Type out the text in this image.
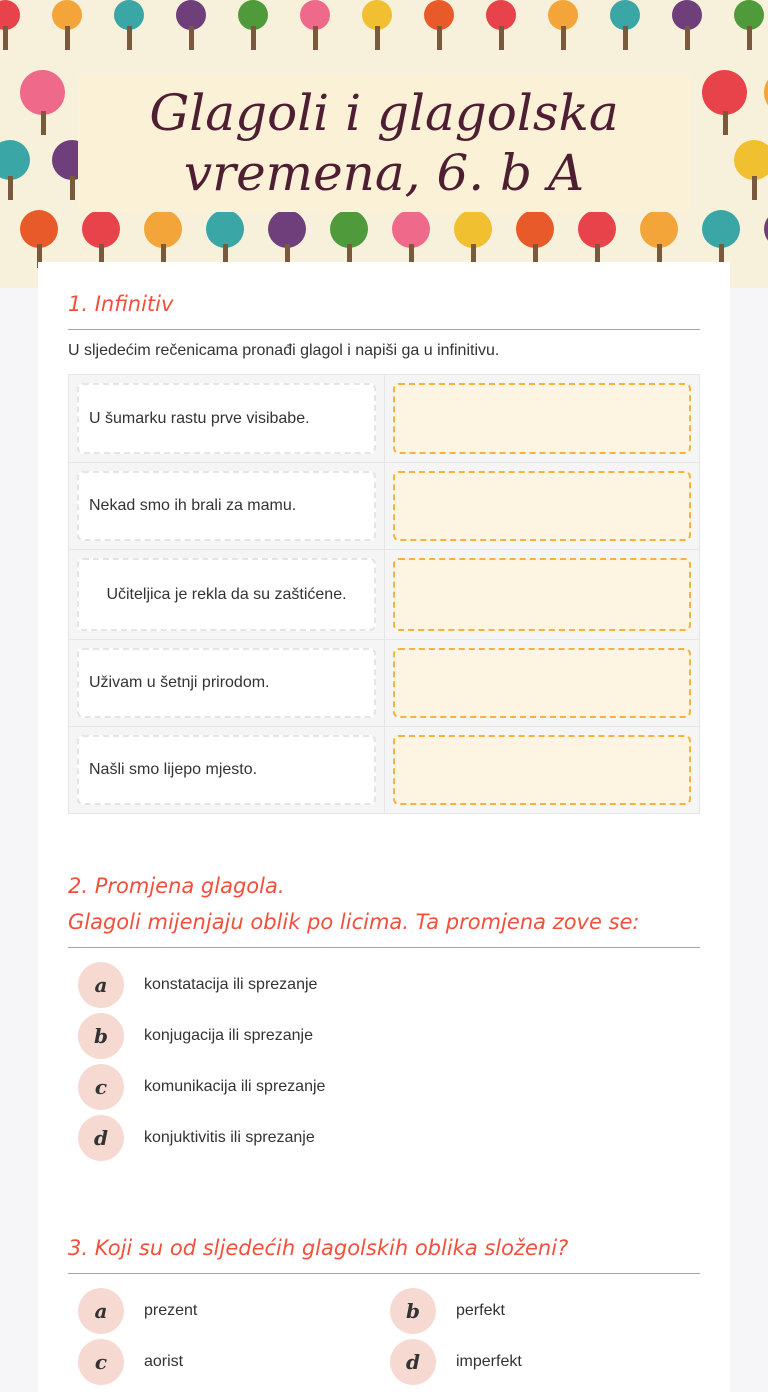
Glagoli i glagolska vremena, 6. b A
1. Infinitiv
U sljedećim rečenicama pronađi glagol i napiši ga u infinitivu.
U šumarku rastu prve visibabe.
Nekad smo ih brali za mamu.
Učiteljica je rekla da su zaštićene.
Uživam u šetnji prirodom.
Našli smo lijepo mjesto.
2. Promjena glagola.
Glagoli mijenjaju oblik po licima. Ta promjena zove se:
a	konstatacija ili sprezanje
b	konjugacija ili sprezanje
c	komunikacija ili sprezanje
d	konjuktivitis ili sprezanje
3. Koji su od sljedećih glagolskih oblika složeni?
a	prezent	b	perfekt
c	aorist	d	imperfekt
